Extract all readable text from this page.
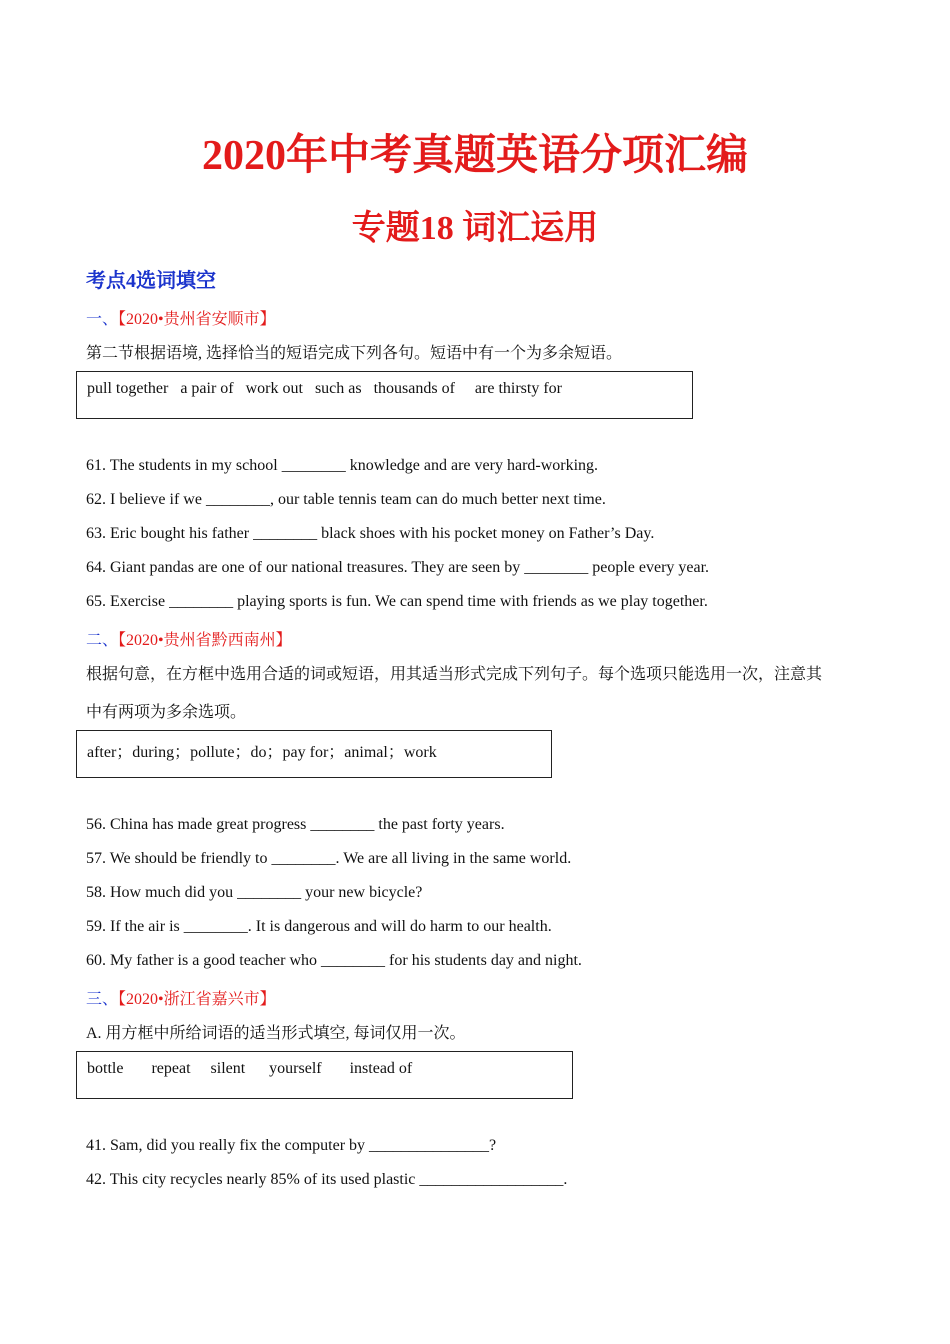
2020年中考真题英语分项汇编
专题18 词汇运用
考点4选词填空
一、【2020•贵州省安顺市】
第二节根据语境, 选择恰当的短语完成下列各句。短语中有一个为多余短语。
pull together   a pair of   work out   such as   thousands of     are thirsty for
61. The students in my school ________ knowledge and are very hard-working.
62. I believe if we ________, our table tennis team can do much better next time.
63. Eric bought his father ________ black shoes with his pocket money on Father’s Day.
64. Giant pandas are one of our national treasures. They are seen by ________ people every year.
65. Exercise ________ playing sports is fun. We can spend time with friends as we play together.
二、【2020•贵州省黔西南州】
根据句意，在方框中选用合适的词或短语，用其适当形式完成下列句子。每个选项只能选用一次，注意其
中有两项为多余选项。
after；during；pollute；do；pay for；animal；work
56. China has made great progress ________ the past forty years.
57. We should be friendly to ________. We are all living in the same world.
58. How much did you ________ your new bicycle?
59. If the air is ________. It is dangerous and will do harm to our health.
60. My father is a good teacher who ________ for his students day and night.
三、【2020•浙江省嘉兴市】
A. 用方框中所给词语的适当形式填空, 每词仅用一次。
bottle       repeat     silent      yourself       instead of
41. Sam, did you really fix the computer by _______________?
42. This city recycles nearly 85% of its used plastic __________________.
